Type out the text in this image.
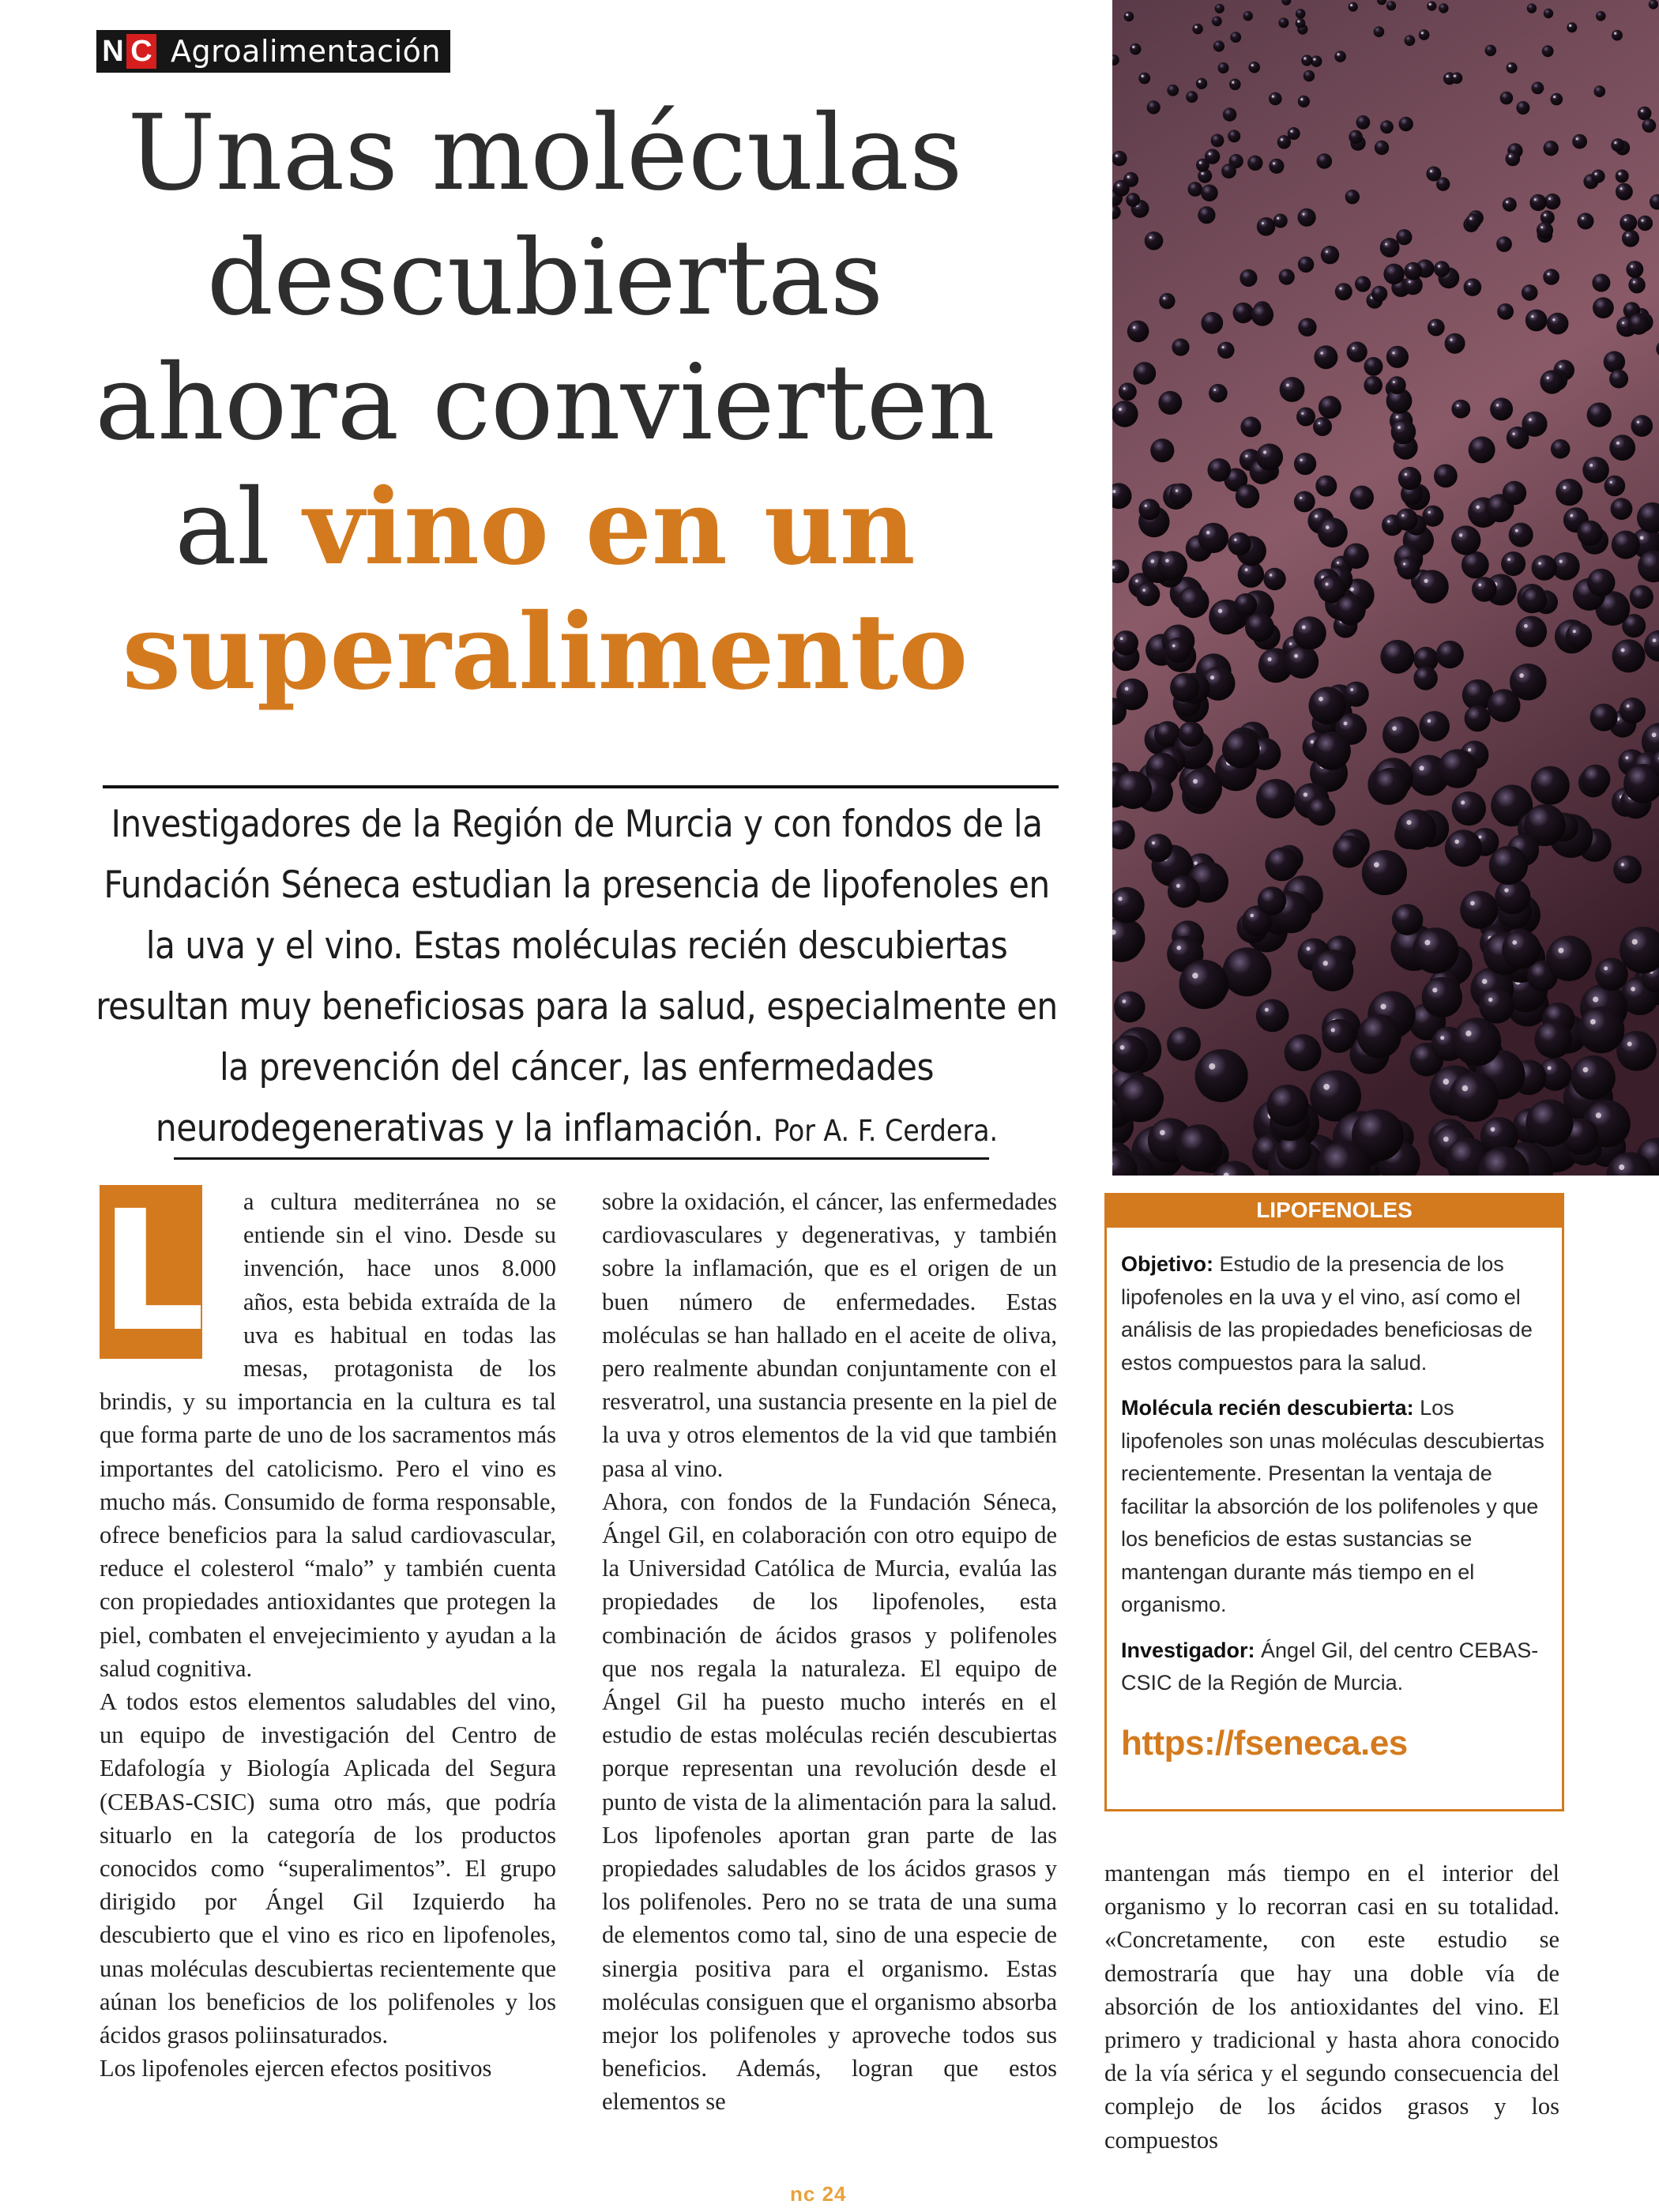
N C Agroalimentación
Unas moléculas
descubiertas
ahora convierten
al vino en un
superalimento
Investigadores de la Región de Murcia y con fondos de la Fundación Séneca estudian la presencia de lipofenoles en la uva y el vino. Estas moléculas recién descubiertas resultan muy beneficiosas para la salud, especialmente en la prevención del cáncer, las enfermedades neurodegenerativas y la inflamación. Por A. F. Cerdera.
L	a cultura mediterránea no se entiende sin el vino. Desde su invención, hace unos 8.000 años, esta bebida extraída de la uva es habitual en todas las mesas, protagonista de los brindis, y su importancia en la cultura es tal que forma parte de uno de los sacramentos más importantes del catolicismo. Pero el vino es mucho más. Consumido de forma responsable, ofrece beneficios para la salud cardiovascular, reduce el colesterol “malo” y también cuenta con propiedades antioxidantes que protegen la piel, combaten el envejecimiento y ayudan a la salud cognitiva.

A todos estos elementos saludables del vino, un equipo de investigación del Centro de Edafología y Biología Aplicada del Segura (CEBAS-CSIC) suma otro más, que podría situarlo en la categoría de los productos conocidos como “superalimentos”. El grupo dirigido por Ángel Gil Izquierdo ha descubierto que el vino es rico en lipofenoles, unas moléculas descubiertas recientemente que aúnan los beneficios de los polifenoles y los ácidos grasos poliinsaturados.

Los lipofenoles ejercen efectos positivos

sobre la oxidación, el cáncer, las enfermedades cardiovasculares y degenerativas, y también sobre la inflamación, que es el origen de un buen número de enfermedades. Estas moléculas se han hallado en el aceite de oliva, pero realmente abundan conjuntamente con el resveratrol, una sustancia presente en la piel de la uva y otros elementos de la vid que también pasa al vino.

Ahora, con fondos de la Fundación Séneca, Ángel Gil, en colaboración con otro equipo de la Universidad Católica de Murcia, evalúa las propiedades de los lipofenoles, esta combinación de ácidos grasos y polifenoles que nos regala la naturaleza. El equipo de Ángel Gil ha puesto mucho interés en el estudio de estas moléculas recién descubiertas porque representan una revolución desde el punto de vista de la alimentación para la salud. Los lipofenoles aportan gran parte de las propiedades saludables de los ácidos grasos y los polifenoles. Pero no se trata de una suma de elementos como tal, sino de una especie de sinergia positiva para el organismo. Estas moléculas consiguen que el organismo absorba mejor los polifenoles y aproveche todos sus beneficios. Además, logran que estos elementos se

LIPOFENOLES

Objetivo: Estudio de la presencia de los lipofenoles en la uva y el vino, así como el análisis de las propiedades beneficiosas de estos compuestos para la salud.

Molécula recién descubierta: Los lipofenoles son unas moléculas descubiertas recientemente. Presentan la ventaja de facilitar la absorción de los polifenoles y que los beneficios de estas sustancias se mantengan durante más tiempo en el organismo.

Investigador: Ángel Gil, del centro CEBAS-CSIC de la Región de Murcia.

https://fseneca.es

mantengan más tiempo en el interior del organismo y lo recorran casi en su totalidad. «Concretamente, con este estudio se demostraría que hay una doble vía de absorción de los antioxidantes del vino. El primero y tradicional y hasta ahora conocido de la vía sérica y el segundo consecuencia del complejo de los ácidos grasos y los compuestos

nc 24
